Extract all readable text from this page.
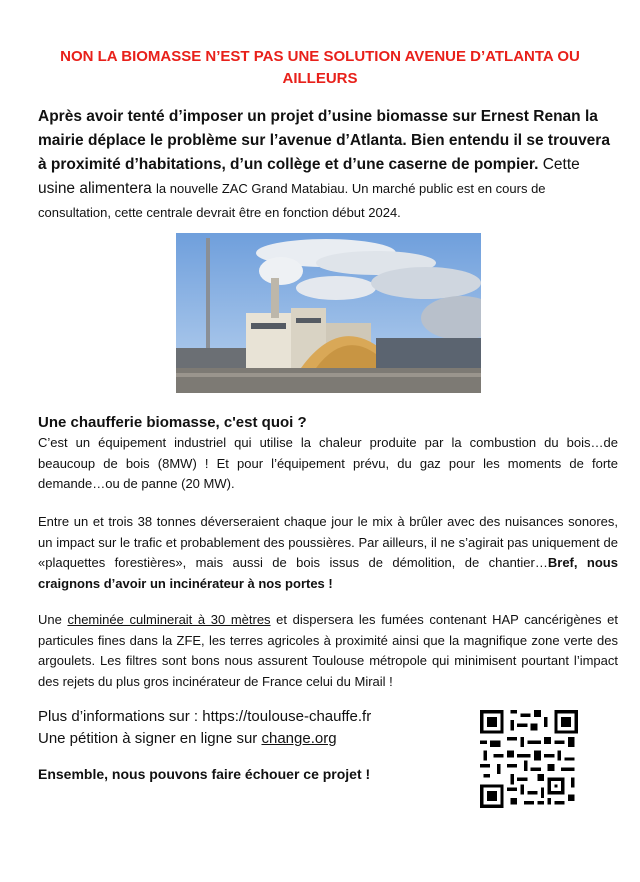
NON LA BIOMASSE N’EST PAS UNE SOLUTION AVENUE D’ATLANTA OU AILLEURS
Après avoir tenté d’imposer un projet d’usine biomasse sur Ernest Renan la mairie déplace le problème sur l’avenue d’Atlanta. Bien entendu il se trouvera à proximité d’habitations, d’un collège et d’une caserne de pompier. Cette usine alimentera la nouvelle ZAC Grand Matabiau. Un marché public est en cours de consultation, cette centrale devrait être en fonction début 2024.
Une chaufferie biomasse, c'est quoi ?
C’est un équipement industriel qui utilise la chaleur produite par la combustion du bois…de beaucoup de bois (8MW) ! Et pour l’équipement prévu, du gaz pour les moments de forte demande…ou de panne (20 MW).
Entre un et trois 38 tonnes déverseraient chaque jour le mix à brûler avec des nuisances sonores, un impact sur le trafic et probablement des poussières. Par ailleurs, il ne s’agirait pas uniquement de «plaquettes forestières», mais aussi de bois issus de démolition, de chantier…Bref, nous craignons d’avoir un incinérateur à nos portes !
Une cheminée culminerait à 30 mètres et dispersera les fumées contenant HAP cancérigènes et particules fines dans la ZFE, les terres agricoles à proximité ainsi que la magnifique zone verte des argoulets. Les filtres sont bons nous assurent Toulouse métropole qui minimisent pourtant l’impact des rejets du plus gros incinérateur de France celui du Mirail !
Plus d’informations sur : https://toulouse-chauffe.fr
Une pétition à signer en ligne sur change.org
Ensemble, nous pouvons faire échouer ce projet !
